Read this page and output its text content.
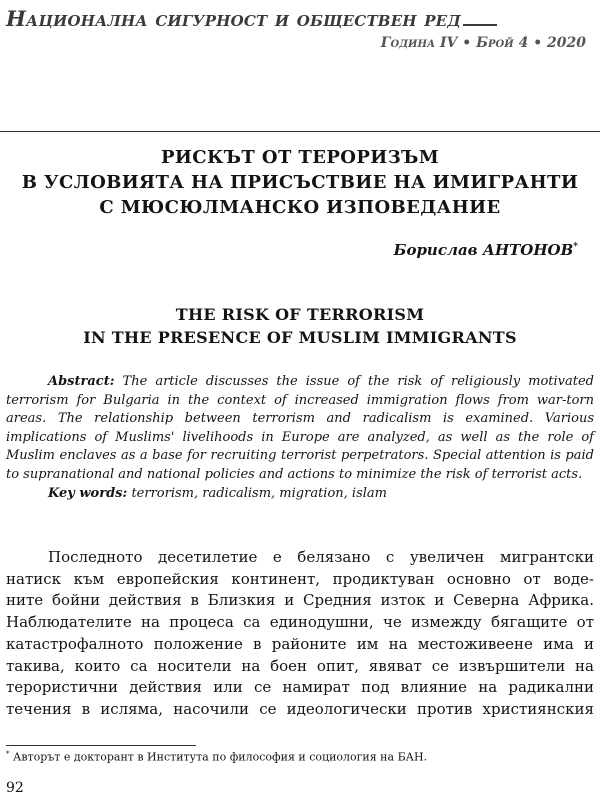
Национална сигурност и обществен ред
Година IV • Брой 4 • 2020
РИСКЪТ ОТ ТЕРОРИЗЪМ
В УСЛОВИЯТА НА ПРИСЪСТВИЕ НА ИМИГРАНТИ
С МЮСЮЛМАНСКО ИЗПОВЕДАНИЕ
Борислав АНТОНОВ*
THE RISK OF TERRORISM
IN THE PRESENCE OF MUSLIM IMMIGRANTS
Abstract: The article discusses the issue of the risk of religiously motivated terrorism for Bulgaria in the context of increased immigration flows from war-torn areas. The relationship between terrorism and radicalism is examined. Various implications of Muslims' livelihoods in Europe are analyzed, as well as the role of Muslim enclaves as a base for recruiting terrorist perpetrators. Special attention is paid to supranational and national policies and actions to minimize the risk of terrorist acts.
Key words: terrorism, radicalism, migration, islam
Последното десетилетие е белязано с увеличен мигрантски
натиск към европейския континент, продиктуван основно от воде-
ните бойни действия в Близкия и Средния изток и Северна Африка.
Наблюдателите на процеса са единодушни, че измежду бягащите от
катастрофалното положение в районите им на местоживеене има и
такива, които са носители на боен опит, явяват се извършители на
терористични действия или се намират под влияние на радикални
течения в исляма, насочили се идеологически против християнския
* Авторът е докторант в Института по философия и социология на БАН.
92
